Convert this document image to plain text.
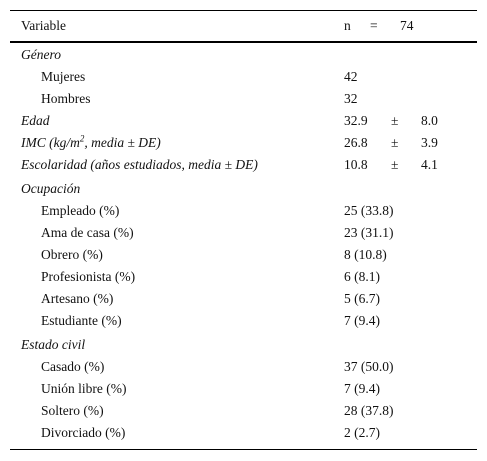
Variable	n = 74
Género
Mujeres	42
Hombres	32
Edad	32.9 ± 8.0
IMC ($kg/m^2$, media ± DE)	26.8 ± 3.9
Escolaridad (años estudiados, media ± DE)	10.8 ± 4.1
Ocupación
Empleado (%)	25 (33.8)
Ama de casa (%)	23 (31.1)
Obrero (%)	8 (10.8)
Profesionista (%)	6 (8.1)
Artesano (%)	5 (6.7)
Estudiante (%)	7 (9.4)
Estado civil
Casado (%)	37 (50.0)
Unión libre (%)	7 (9.4)
Soltero (%)	28 (37.8)
Divorciado (%)	2 (2.7)
